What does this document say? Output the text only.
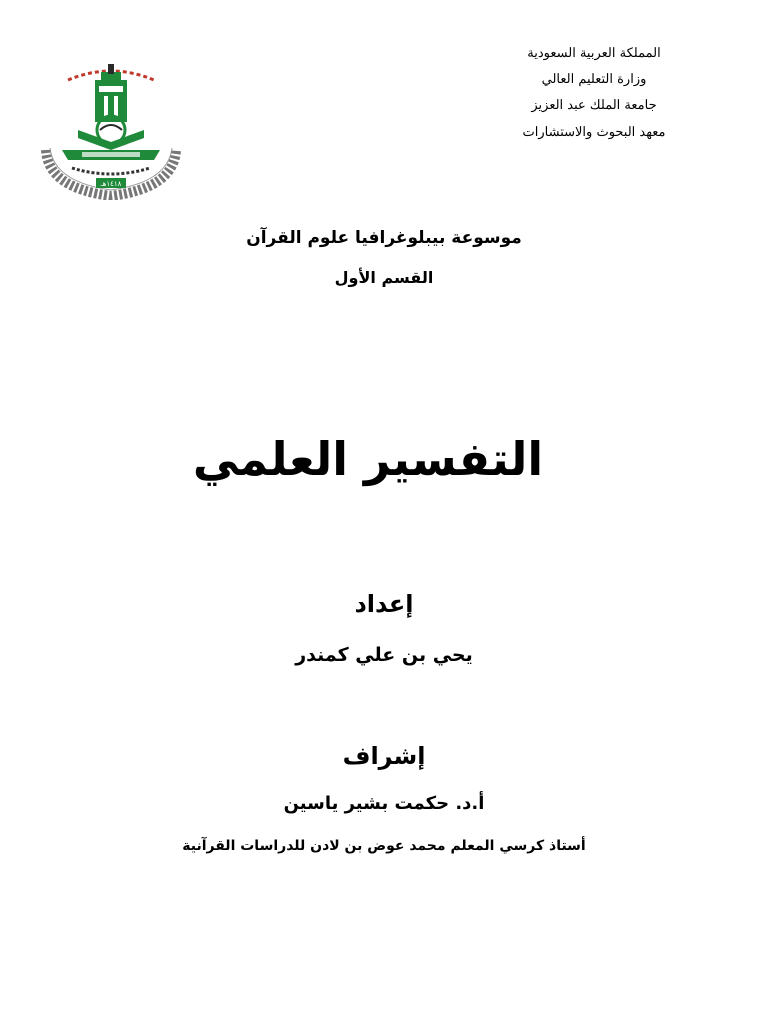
١٤١٨هـ
المملكة العربية السعودية
وزارة التعليم العالي
جامعة الملك عبد العزيز
معهد البحوث والاستشارات
موسوعة بيبلوغرافيا علوم القرآن
القسم الأول
التفسير العلمي
إعداد
يحي بن علي كمندر
إشراف
أ.د. حكمت بشير ياسين
أستاذ كرسي المعلم محمد عوض بن لادن للدراسات القرآنية
